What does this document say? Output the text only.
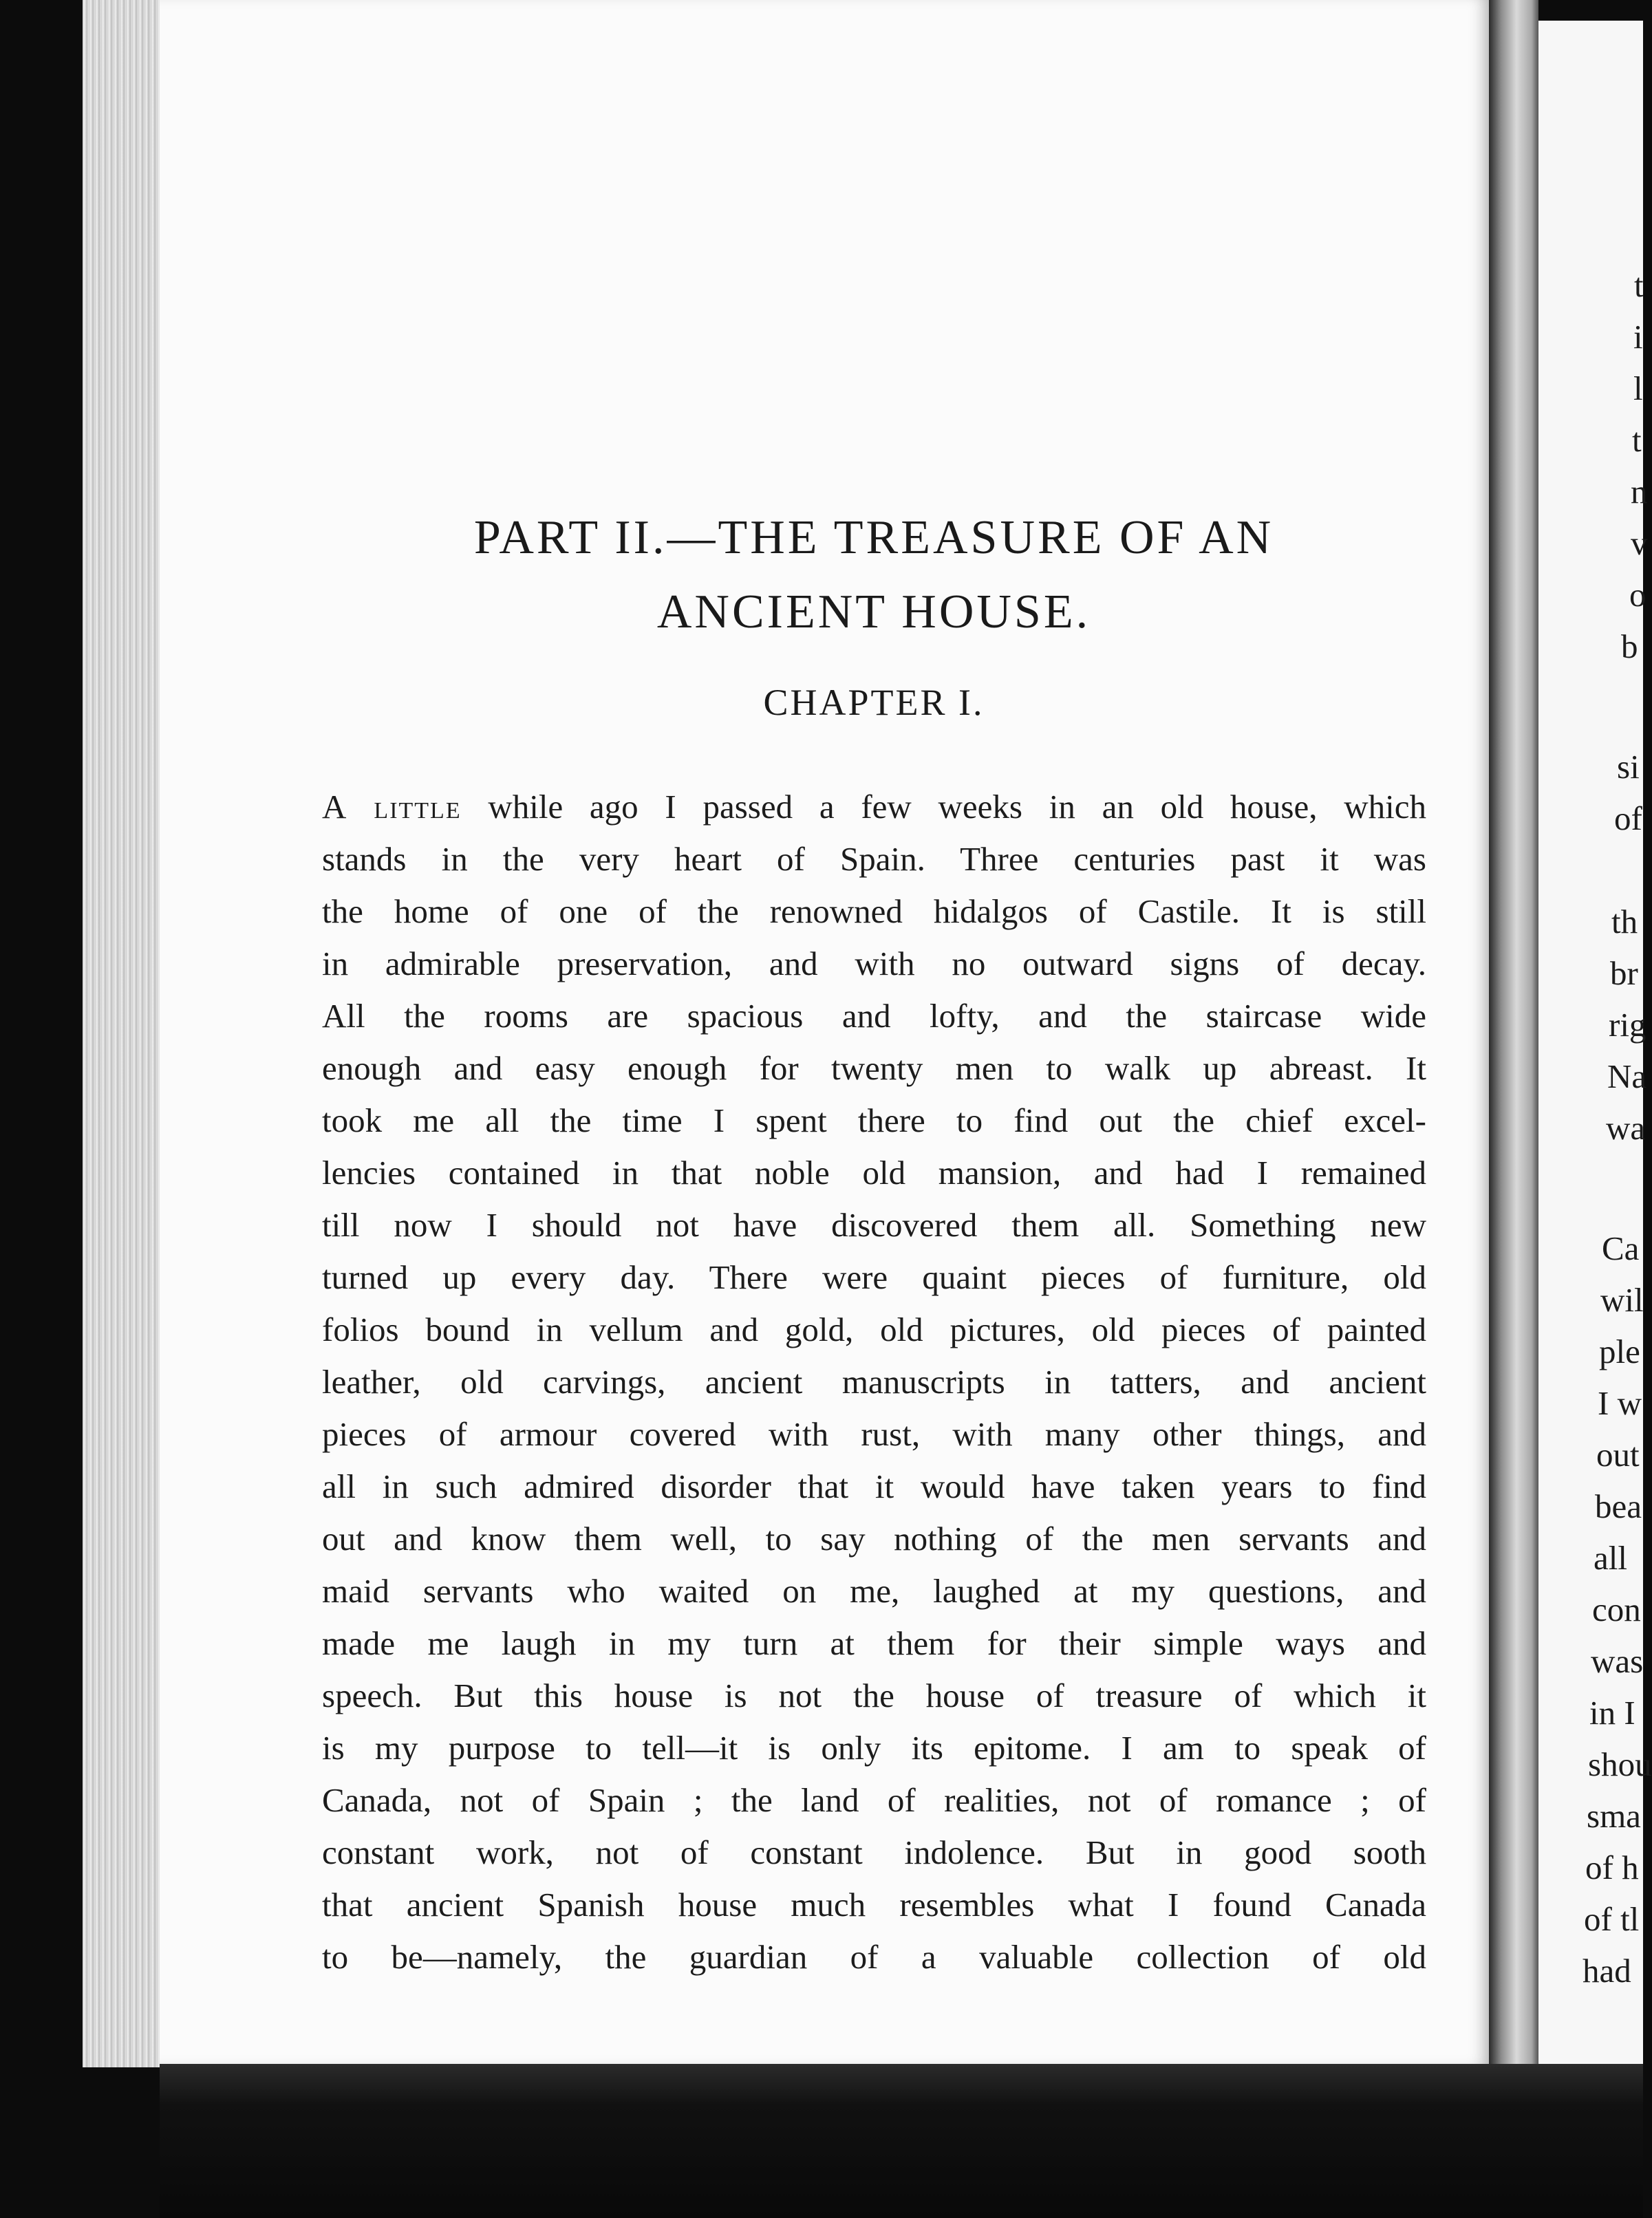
PART II.—THE TREASURE OF AN
ANCIENT HOUSE.
CHAPTER I.
A little while ago I passed a few weeks in an old house, which
stands in the very heart of Spain. Three centuries past it was
the home of one of the renowned hidalgos of Castile. It is still
in admirable preservation, and with no outward signs of decay.
All the rooms are spacious and lofty, and the staircase wide
enough and easy enough for twenty men to walk up abreast. It
took me all the time I spent there to find out the chief excel-
lencies contained in that noble old mansion, and had I remained
till now I should not have discovered them all. Something new
turned up every day. There were quaint pieces of furniture, old
folios bound in vellum and gold, old pictures, old pieces of painted
leather, old carvings, ancient manuscripts in tatters, and ancient
pieces of armour covered with rust, with many other things, and
all in such admired disorder that it would have taken years to find
out and know them well, to say nothing of the men servants and
maid servants who waited on me, laughed at my questions, and
made me laugh in my turn at them for their simple ways and
speech. But this house is not the house of treasure of which it
is my purpose to tell—it is only its epitome. I am to speak of
Canada, not of Spain ; the land of realities, not of romance ; of
constant work, not of constant indolence. But in good sooth
that ancient Spanish house much resembles what I found Canada
to be—namely, the guardian of a valuable collection of old
t
i
l
t
n
v
o
b
si
of
th
br
rig
Na
wa
Ca
wil
ple
I w
out
bea
all
con
was
in I
shou
sma
of h
of tl
had
